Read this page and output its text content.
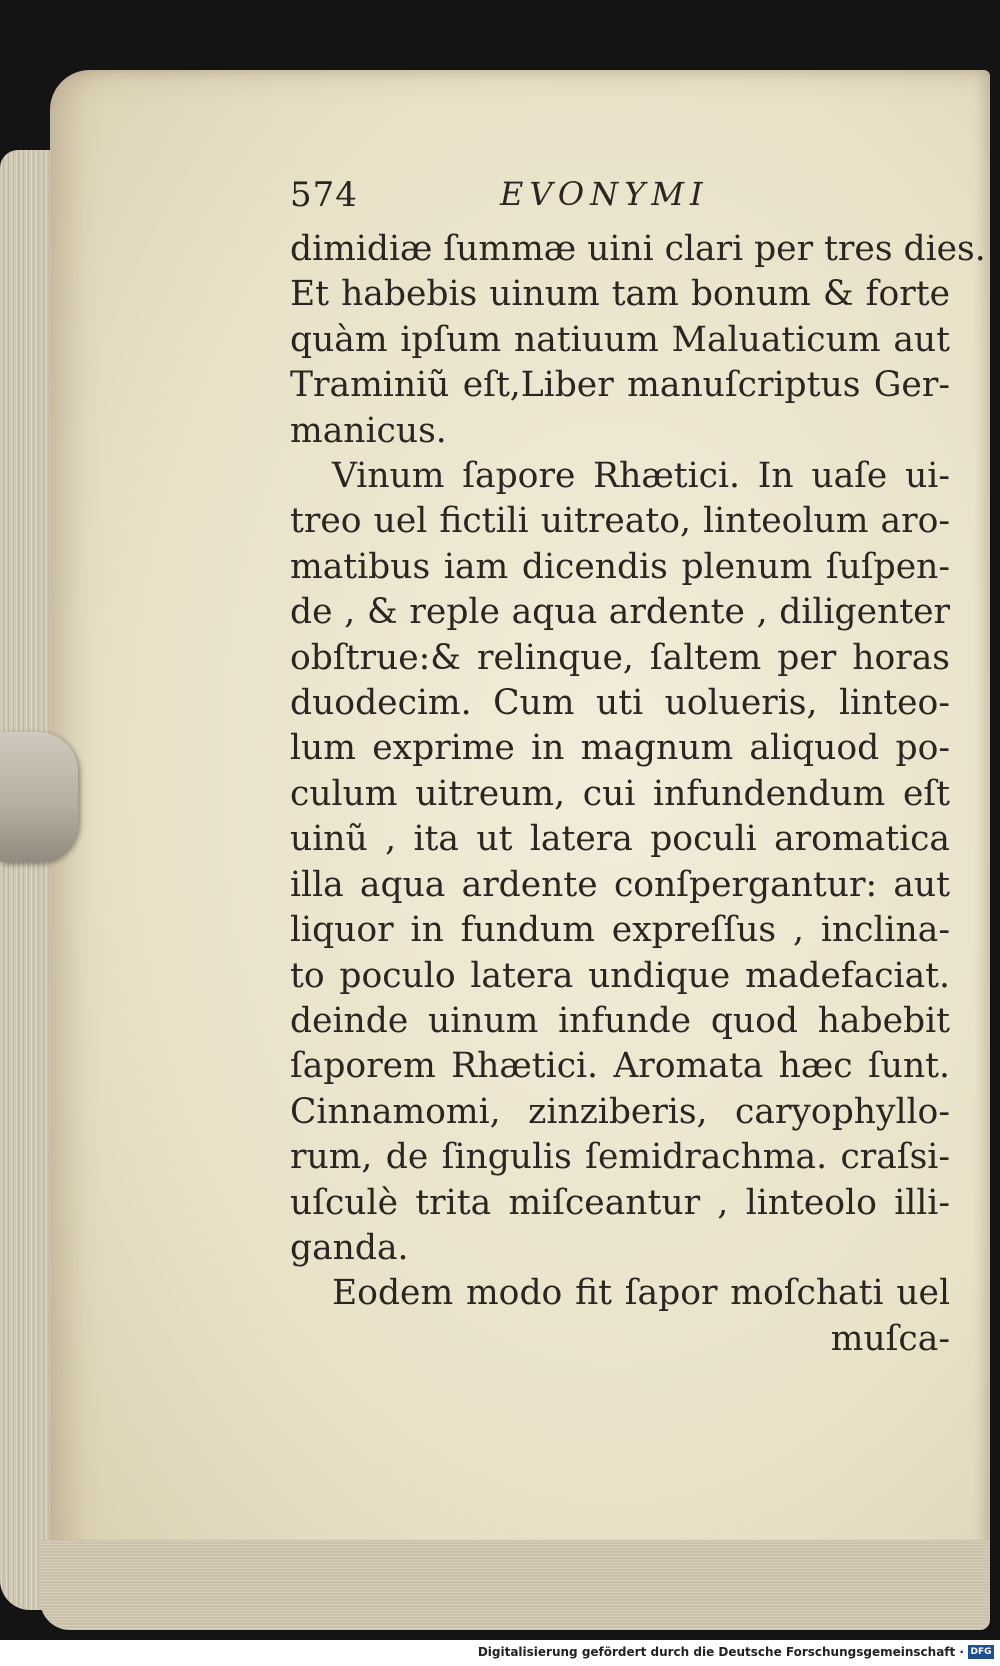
574	EVONYMI
dimidiæ ſummæ uini clari per tres dies.
Et habebis uinum tam bonum & forte
quàm ipſum natiuum Maluaticum aut
Traminiũ eſt,Liber manuſcriptus Ger-
manicus.
Vinum ſapore Rhætici. In uaſe ui-
treo uel fictili uitreato, linteolum aro-
matibus iam dicendis plenum ſuſpen-
de , & reple aqua ardente , diligenter
obſtrue:& relinque, ſaltem per horas
duodecim. Cum uti uolueris, linteo-
lum exprime in magnum aliquod po-
culum uitreum, cui infundendum eſt
uinũ , ita ut latera poculi aromatica
illa aqua ardente conſpergantur: aut
liquor in fundum expreſſus , inclina-
to poculo latera undique madefaciat.
deinde uinum infunde quod habebit
ſaporem Rhætici. Aromata hæc ſunt.
Cinnamomi, zinziberis, caryophyllo-
rum, de ſingulis ſemidrachma. craſsi-
uſculè trita miſceantur , linteolo illi-
ganda.
Eodem modo fit ſapor moſchati uel
muſca-
Digitalisierung gefördert durch die Deutsche Forschungsgemeinschaft · DFG
